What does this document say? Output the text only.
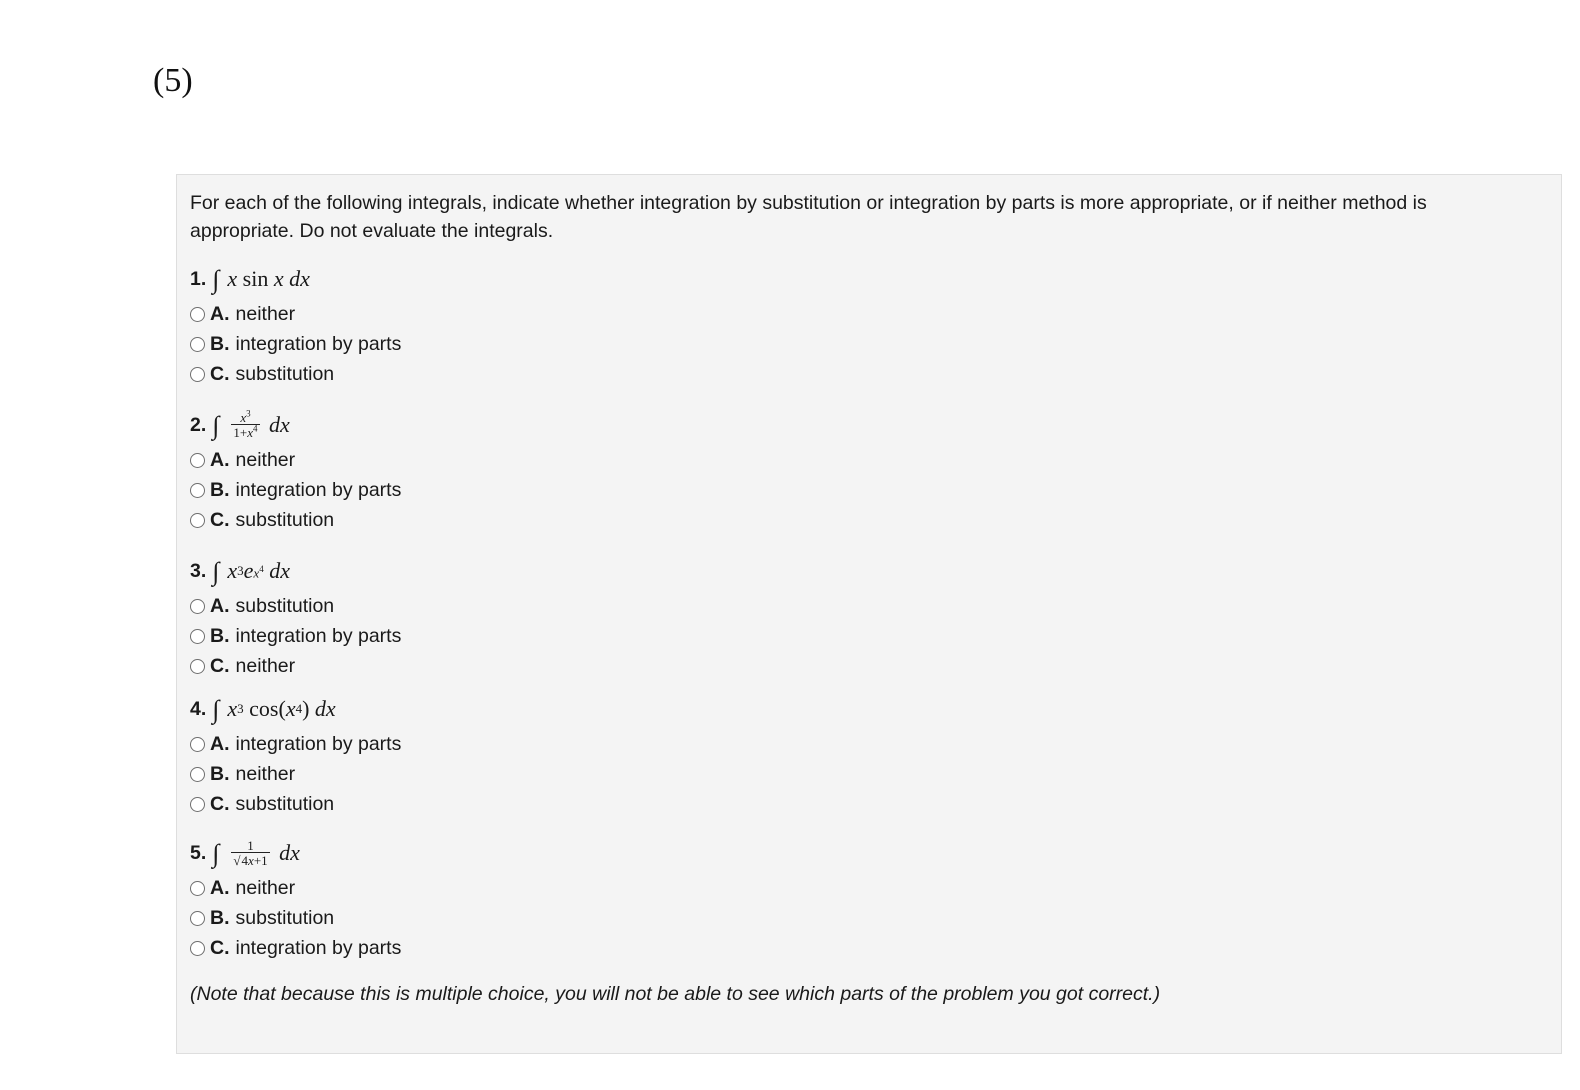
(5)

For each of the following integrals, indicate whether integration by substitution or integration by parts is more appropriate, or if neither method is appropriate. Do not evaluate the integrals.

1. ∫ x sin x
dx
A. neither
B. integration by parts
C. substitution
2. ∫ $\frac{x^3}{1+x^4}$
dx
A. neither
B. integration by parts
C. substitution
3. ∫ x 3 e $x^4$
dx
A. substitution
B. integration by parts
C. neither
4. ∫ x 3 cos( x 4 ) dx
A. integration by parts
B. neither
C. substitution
5. ∫ $\frac{1}{√4x+1}$
dx
A. neither
B. substitution
C. integration by parts
(Note that because this is multiple choice, you will not be able to see which parts of the problem you got correct.)
